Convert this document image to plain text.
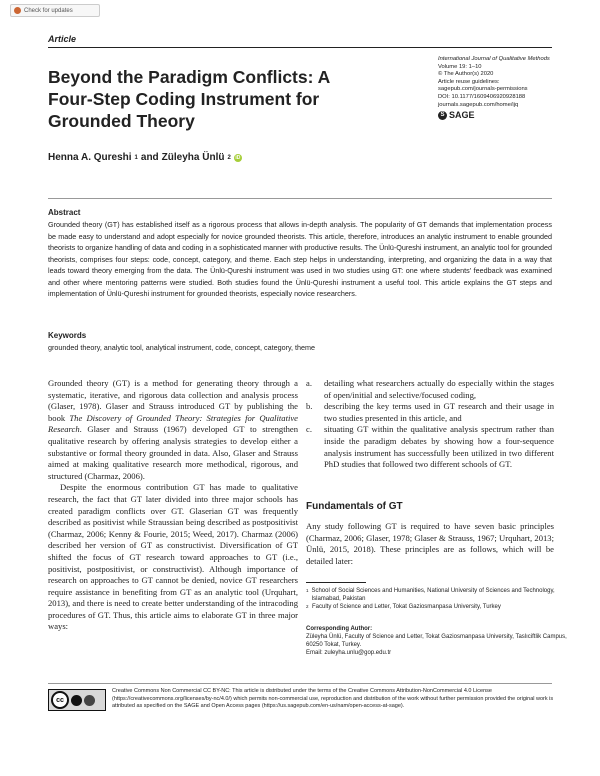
Check for updates
Article
Beyond the Paradigm Conflicts: A Four-Step Coding Instrument for Grounded Theory
International Journal of Qualitative Methods
Volume 19: 1–10
© The Author(s) 2020
Article reuse guidelines:
sagepub.com/journals-permissions
DOI: 10.1177/1609406920928188
journals.sagepub.com/home/ijq
S SAGE
Henna A. Qureshi 1 and Züleyha Ünlü 2 iD
Abstract

Grounded theory (GT) has established itself as a rigorous process that allows in-depth analysis. The popularity of GT demands that implementation process be made easy to understand and adopt especially for novice grounded theorists. This article, therefore, introduces an analytic instrument to enable grounded theorists to organize handling of data and coding in a sophisticated manner with productive results. The Ünlü-Qureshi instrument, an analytic tool for grounded theorists, comprises four steps: code, concept, category, and theme. Each step helps in understanding, interpreting, and organizing the data in a way that leads toward theory emerging from the data. The Ünlü-Qureshi instrument was used in two studies using GT: one where students' feedback was examined and other where mentoring patterns were studied. Both studies found the Ünlü-Qureshi instrument a useful tool. This article explains the GT steps and implementation of Ünlü-Qureshi instrument for grounded theorists, especially novice researchers.

Keywords
grounded theory, analytic tool, analytical instrument, code, concept, category, theme

Grounded theory (GT) is a method for generating theory through a systematic, iterative, and rigorous data collection and analysis process (Glaser, 1978). Glaser and Strauss introduced GT by publishing the book The Discovery of Grounded Theory: Strategies for Qualitative Research. Glaser and Strauss (1967) developed GT to strengthen qualitative research by offering analysis strategies to develop either a substantive or formal theory grounded in data. Also, Glaser and Strauss aimed at making qualitative research more methodical, rigorous, and structured (Charmaz, 2006).

Despite the enormous contribution GT has made to qualitative research, the fact that GT later divided into three major schools has created paradigm conflicts over GT. Glaserian GT was frequently described as positivist while Straussian being described as postpositivist (Charmaz, 2006; Kenny & Fourie, 2015; Weed, 2017). Charmaz (2006) described her version of GT as constructivist. Diversification of GT shifted the focus of GT research toward approaches to GT (i.e., positivist, postpositivist, or constructivist). Although importance of research on approaches to GT cannot be denied, novice GT researchers require assistance in benefiting from GT as an analytic tool (Urquhart, 2013), and there is need to create better understanding of the intracoding procedures of GT. Thus, this article aims to elaborate GT in three major ways:

a.	detailing what researchers actually do especially within the stages of open/initial and selective/focused coding,
b.	describing the key terms used in GT research and their usage in two studies presented in this article, and
c.	situating GT within the qualitative analysis spectrum rather than inside the paradigm debates by showing how a four-sequence analysis instrument has successfully been utilized in two different PhD studies that followed two different schools of GT.
Fundamentals of GT

Any study following GT is required to have seven basic principles (Charmaz, 2006; Glaser, 1978; Glaser & Strauss, 1967; Urquhart, 2013; Ünlü, 2015, 2018). These principles are as follows, which will be detailed later:

1 School of Social Sciences and Humanities, National University of Sciences and Technology, Islamabad, Pakistan
2 Faculty of Science and Letter, Tokat Gaziosmanpasa University, Turkey
Corresponding Author:
Züleyha Ünlü, Faculty of Science and Letter, Tokat Gaziosmanpasa University, Taslıciftlik Campus, 60250 Tokat, Turkey.
Email: zuleyha.unlu@gop.edu.tr
cc

Creative Commons Non Commercial CC BY-NC: This article is distributed under the terms of the Creative Commons Attribution-NonCommercial 4.0 License (https://creativecommons.org/licenses/by-nc/4.0/) which permits non-commercial use, reproduction and distribution of the work without further permission provided the original work is attributed as specified on the SAGE and Open Access pages (https://us.sagepub.com/en-us/nam/open-access-at-sage).
